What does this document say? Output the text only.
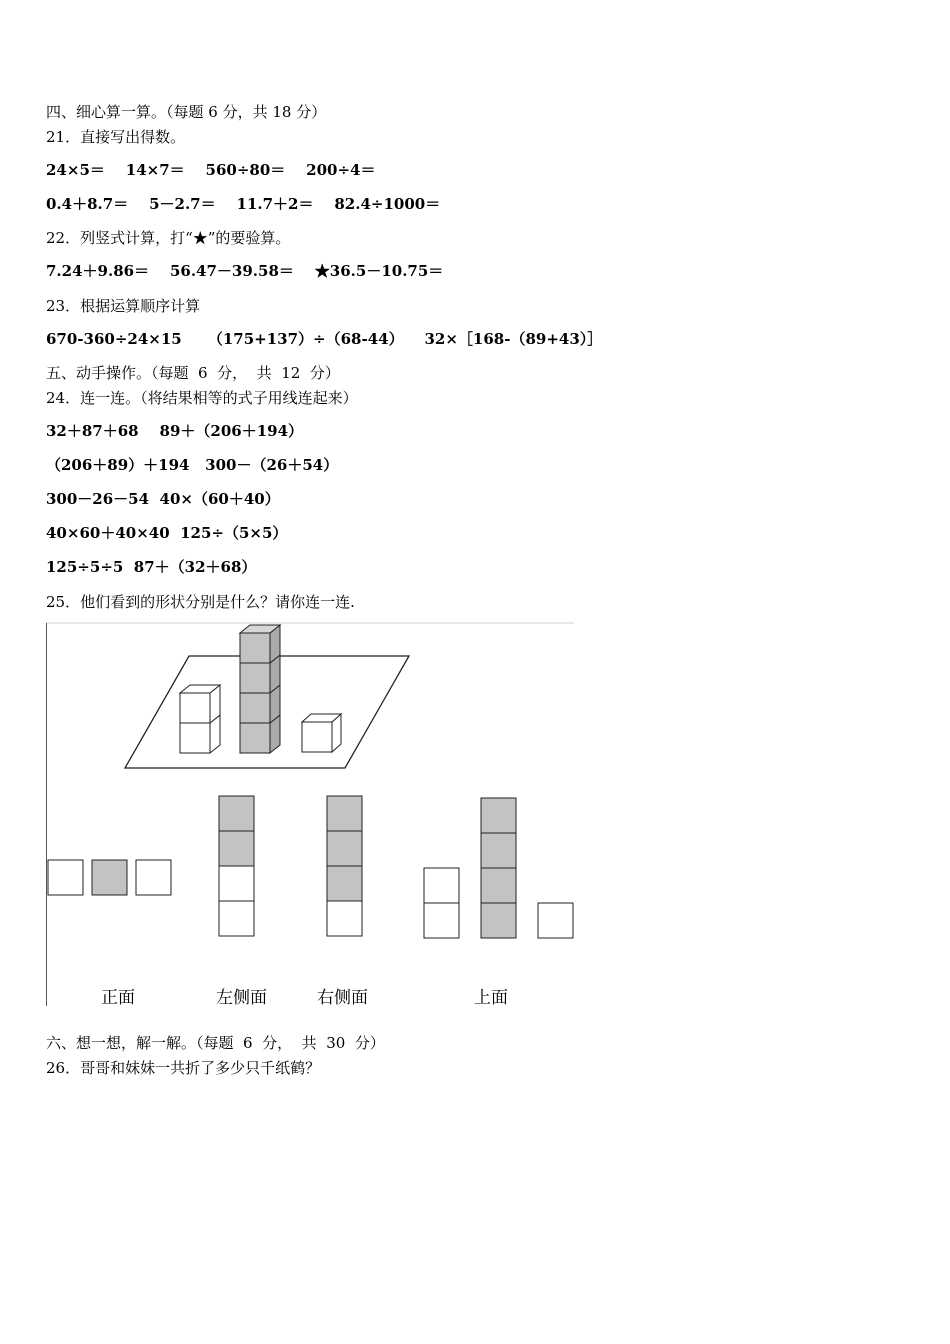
四、细心算一算。（每题 6 分，共 18 分）
21．直接写出得数。
24×5＝    14×7＝    560÷80＝    200÷4＝
0.4＋8.7＝    5－2.7＝    11.7＋2＝    82.4÷1000＝
22．列竖式计算，打“★”的要验算。
7.24＋9.86＝    56.47－39.58＝    ★36.5－10.75＝
23．根据运算顺序计算
670-360÷24×15     （175+137）÷（68-44）    32×［168-（89+43）］
五、动手操作。（每题  6  分，  共  12  分）
24．连一连。（将结果相等的式子用线连起来）
32＋87＋68    89＋（206＋194）
（206＋89）＋194   300－（26＋54）
300－26－54  40×（60＋40）
40×60＋40×40  125÷（5×5）
125÷5÷5  87＋（32＋68）
25．他们看到的形状分别是什么？请你连一连.
正面	左侧面	右侧面	上面
六、想一想，解一解。（每题  6  分，  共  30  分）
26．哥哥和妹妹一共折了多少只千纸鹤？
